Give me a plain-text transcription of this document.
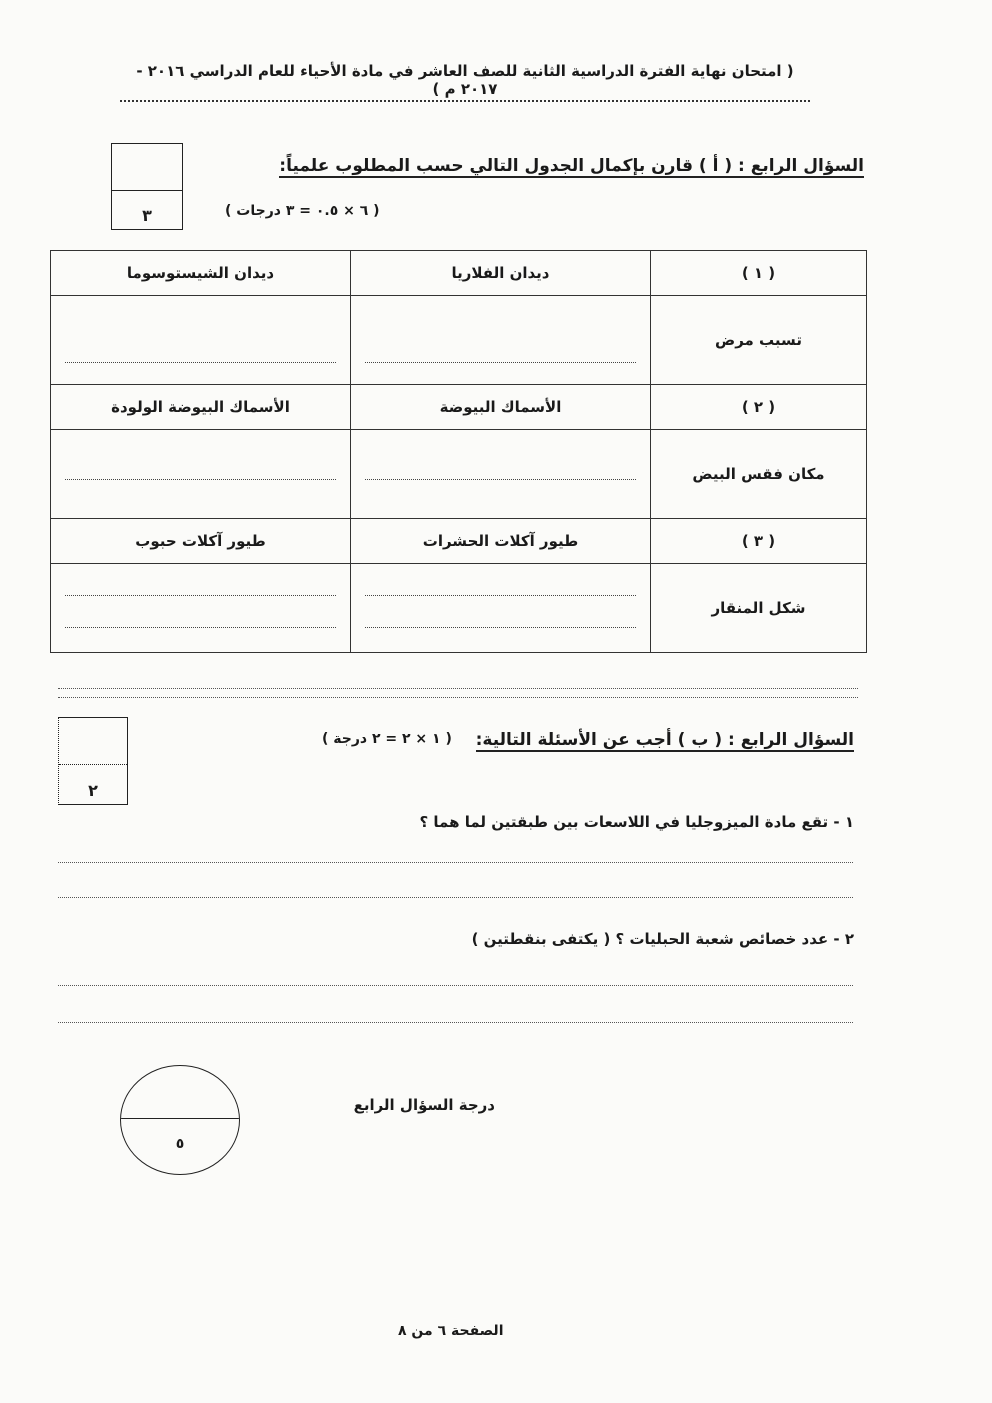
( امتحان نهاية الفترة الدراسية الثانية للصف العاشر في مادة الأحياء للعام الدراسي ٢٠١٦ - ٢٠١٧ م )
٣
السؤال الرابع : ( أ ) قارن بإكمال الجدول التالي حسب المطلوب علمياً:
( ٦ × ٠.٥ = ٣ درجات )
( ١ )	ديدان الفلاريا	ديدان الشيستوسوما
تسبب مرض	

( ٢ )	الأسماك البيوضة	الأسماك البيوضة الولودة
مكان فقس البيض	

( ٣ )	طيور آكلات الحشرات	طيور آكلات حبوب
شكل المنقار	

٢
السؤال الرابع : ( ب ) أجب عن الأسئلة التالية:
( ١ × ٢ = ٢ درجة )
١ - تقع مادة الميزوجليا في اللاسعات بين طبقتين لما هما ؟
٢ - عدد خصائص شعبة الحبليات ؟ ( يكتفى بنقطتين )
٥
درجة السؤال الرابع
الصفحة ٦ من ٨
